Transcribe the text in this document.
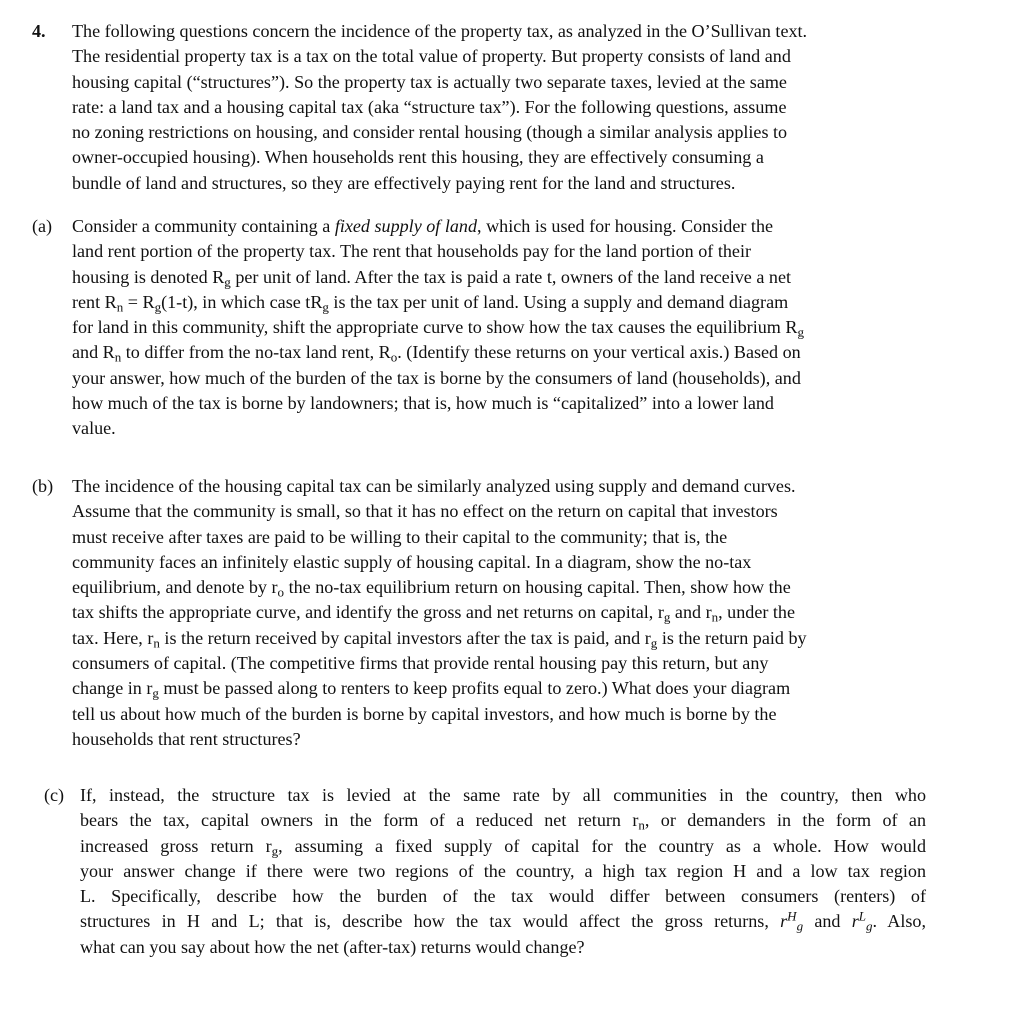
4. The following questions concern the incidence of the property tax, as analyzed in the O’Sullivan text.
The residential property tax is a tax on the total value of property. But property consists of land and
housing capital (“structures”). So the property tax is actually two separate taxes, levied at the same
rate: a land tax and a housing capital tax (aka “structure tax”). For the following questions, assume
no zoning restrictions on housing, and consider rental housing (though a similar analysis applies to
owner-occupied housing). When households rent this housing, they are effectively consuming a
bundle of land and structures, so they are effectively paying rent for the land and structures.
(a) Consider a community containing a fixed supply of land, which is used for housing. Consider the
land rent portion of the property tax. The rent that households pay for the land portion of their
housing is denoted $R_g$ per unit of land. After the tax is paid a rate t, owners of the land receive a net
rent $R_n = R_g(1-t)$, in which case $tR_g$ is the tax per unit of land. Using a supply and demand diagram
for land in this community, shift the appropriate curve to show how the tax causes the equilibrium $R_g$
and $R_n$ to differ from the no-tax land rent, $R_o$. (Identify these returns on your vertical axis.) Based on
your answer, how much of the burden of the tax is borne by the consumers of land (households), and
how much of the tax is borne by landowners; that is, how much is “capitalized” into a lower land
value.
(b) The incidence of the housing capital tax can be similarly analyzed using supply and demand curves.
Assume that the community is small, so that it has no effect on the return on capital that investors
must receive after taxes are paid to be willing to their capital to the community; that is, the
community faces an infinitely elastic supply of housing capital. In a diagram, show the no-tax
equilibrium, and denote by $r_o$ the no-tax equilibrium return on housing capital. Then, show how the
tax shifts the appropriate curve, and identify the gross and net returns on capital, $r_g$ and $r_n$, under the
tax. Here, $r_n$ is the return received by capital investors after the tax is paid, and $r_g$ is the return paid by
consumers of capital. (The competitive firms that provide rental housing pay this return, but any
change in $r_g$ must be passed along to renters to keep profits equal to zero.) What does your diagram
tell us about how much of the burden is borne by capital investors, and how much is borne by the
households that rent structures?
(c) If, instead, the structure tax is levied at the same rate by all communities in the country, then who
bears the tax, capital owners in the form of a reduced net return $r_n$, or demanders in the form of an
increased gross return $r_g$, assuming a fixed supply of capital for the country as a whole. How would
your answer change if there were two regions of the country, a high tax region H and a low tax region
L. Specifically, describe how the burden of the tax would differ between consumers (renters) of
structures in H and L; that is, describe how the tax would affect the gross returns, $r^H_g$ and $r^L_g$. Also,
what can you say about how the net (after-tax) returns would change?
